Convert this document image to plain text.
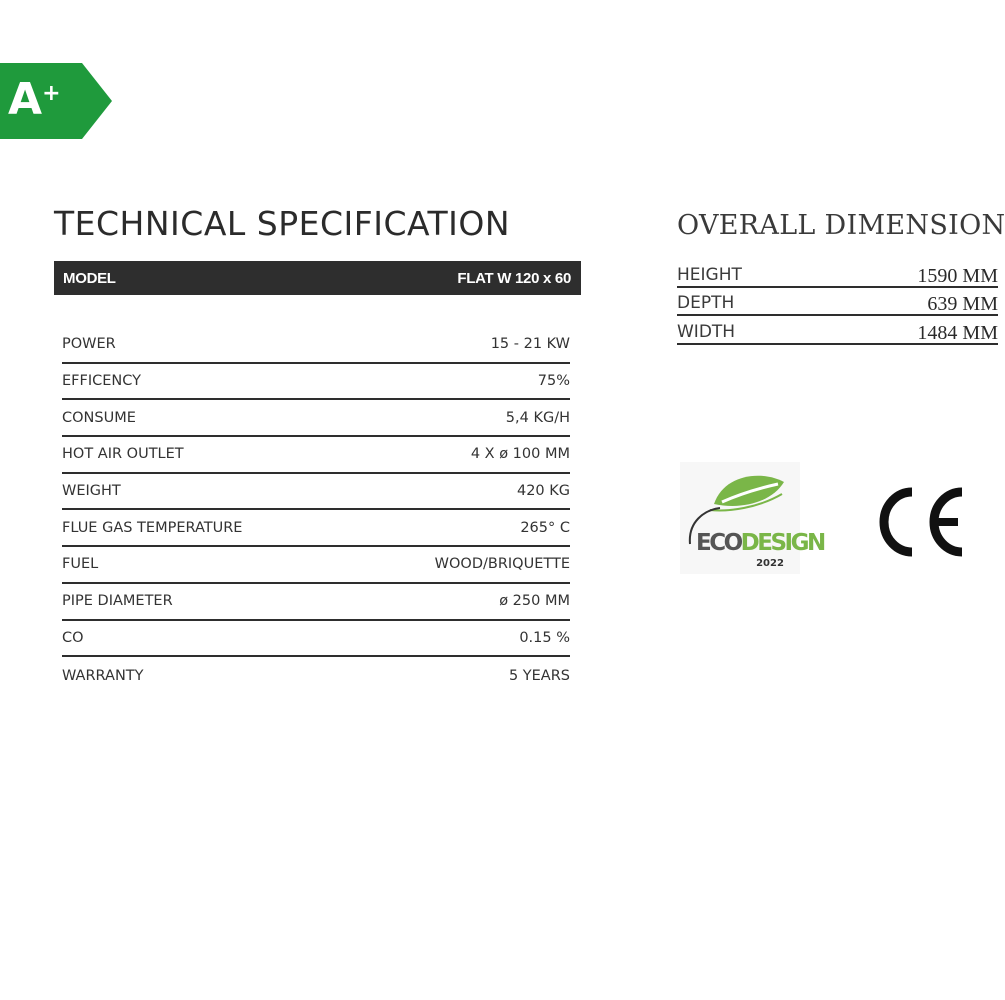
A+
TECHNICAL SPECIFICATION
MODEL	FLAT W 120 x 60
POWER	15 - 21 KW
EFFICENCY	75%
CONSUME	5,4 KG/H
HOT AIR OUTLET	4 X ø 100 MM
WEIGHT	420 KG
FLUE GAS TEMPERATURE	265° C
FUEL	WOOD/BRIQUETTE
PIPE DIAMETER	ø 250 MM
CO	0.15 %
WARRANTY	5 YEARS
OVERALL DIMENSION
HEIGHT	1590 MM
DEPTH	639 MM
WIDTH	1484 MM
ECODESIGN
2022
